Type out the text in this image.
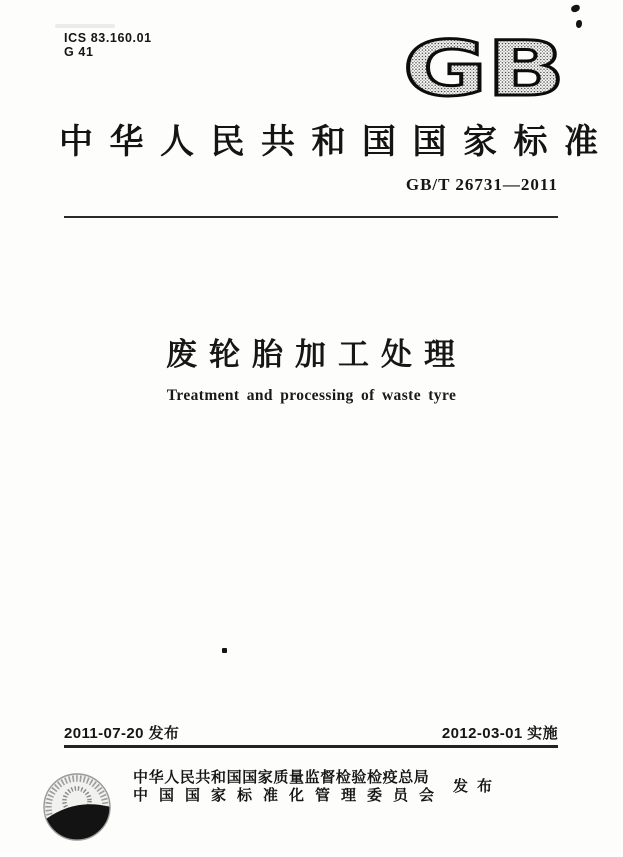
ICS 83.160.01
G 41	GB
中华人民共和国国家标准
GB/T 26731—2011
废轮胎加工处理
Treatment and processing of waste tyre
2011-07-20 发布	2012-03-01 实施
中华人民共和国国家质量监督检验检疫总局
中国国家标准化管理委员会
发布
